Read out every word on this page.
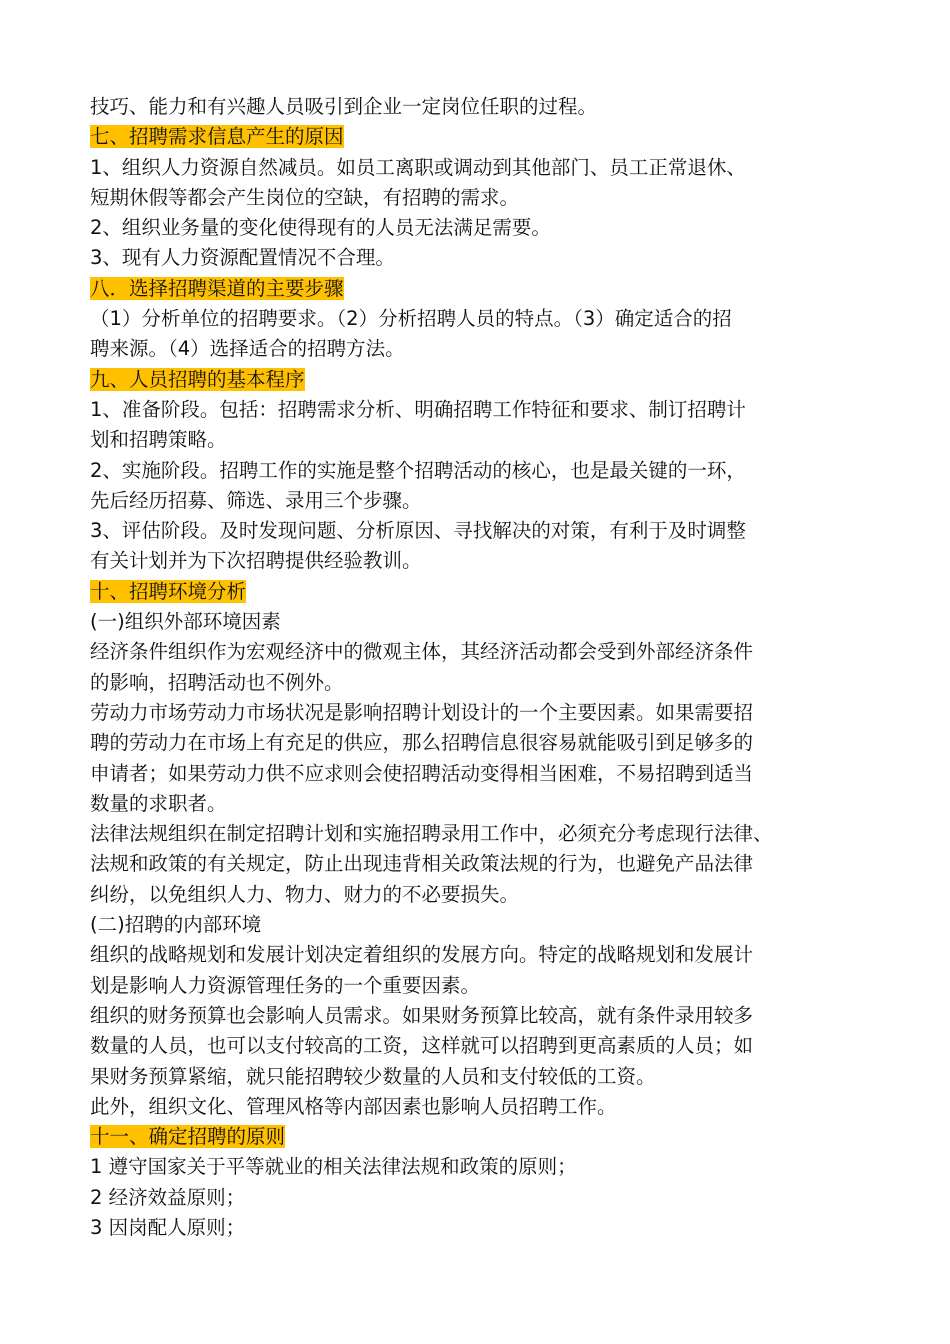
技巧、能力和有兴趣人员吸引到企业一定岗位任职的过程。
七、招聘需求信息产生的原因
1、组织人力资源自然减员。如员工离职或调动到其他部门、员工正常退休、
短期休假等都会产生岗位的空缺，有招聘的需求。
2、组织业务量的变化使得现有的人员无法满足需要。
3、现有人力资源配置情况不合理。
八．选择招聘渠道的主要步骤
（1）分析单位的招聘要求。（2）分析招聘人员的特点。（3）确定适合的招
聘来源。（4）选择适合的招聘方法。
九、人员招聘的基本程序
1、准备阶段。包括：招聘需求分析、明确招聘工作特征和要求、制订招聘计
划和招聘策略。
2、实施阶段。招聘工作的实施是整个招聘活动的核心，也是最关键的一环，
先后经历招募、筛选、录用三个步骤。
3、评估阶段。及时发现问题、分析原因、寻找解决的对策，有利于及时调整
有关计划并为下次招聘提供经验教训。
十、招聘环境分析
(一)组织外部环境因素
经济条件组织作为宏观经济中的微观主体，其经济活动都会受到外部经济条件
的影响，招聘活动也不例外。
劳动力市场劳动力市场状况是影响招聘计划设计的一个主要因素。如果需要招
聘的劳动力在市场上有充足的供应，那么招聘信息很容易就能吸引到足够多的
申请者；如果劳动力供不应求则会使招聘活动变得相当困难，不易招聘到适当
数量的求职者。
法律法规组织在制定招聘计划和实施招聘录用工作中，必须充分考虑现行法律、
法规和政策的有关规定，防止出现违背相关政策法规的行为，也避免产品法律
纠纷，以免组织人力、物力、财力的不必要损失。
(二)招聘的内部环境
组织的战略规划和发展计划决定着组织的发展方向。特定的战略规划和发展计
划是影响人力资源管理任务的一个重要因素。
组织的财务预算也会影响人员需求。如果财务预算比较高，就有条件录用较多
数量的人员，也可以支付较高的工资，这样就可以招聘到更高素质的人员；如
果财务预算紧缩，就只能招聘较少数量的人员和支付较低的工资。
此外，组织文化、管理风格等内部因素也影响人员招聘工作。
十一、确定招聘的原则
1 遵守国家关于平等就业的相关法律法规和政策的原则；
2 经济效益原则；
3 因岗配人原则；
